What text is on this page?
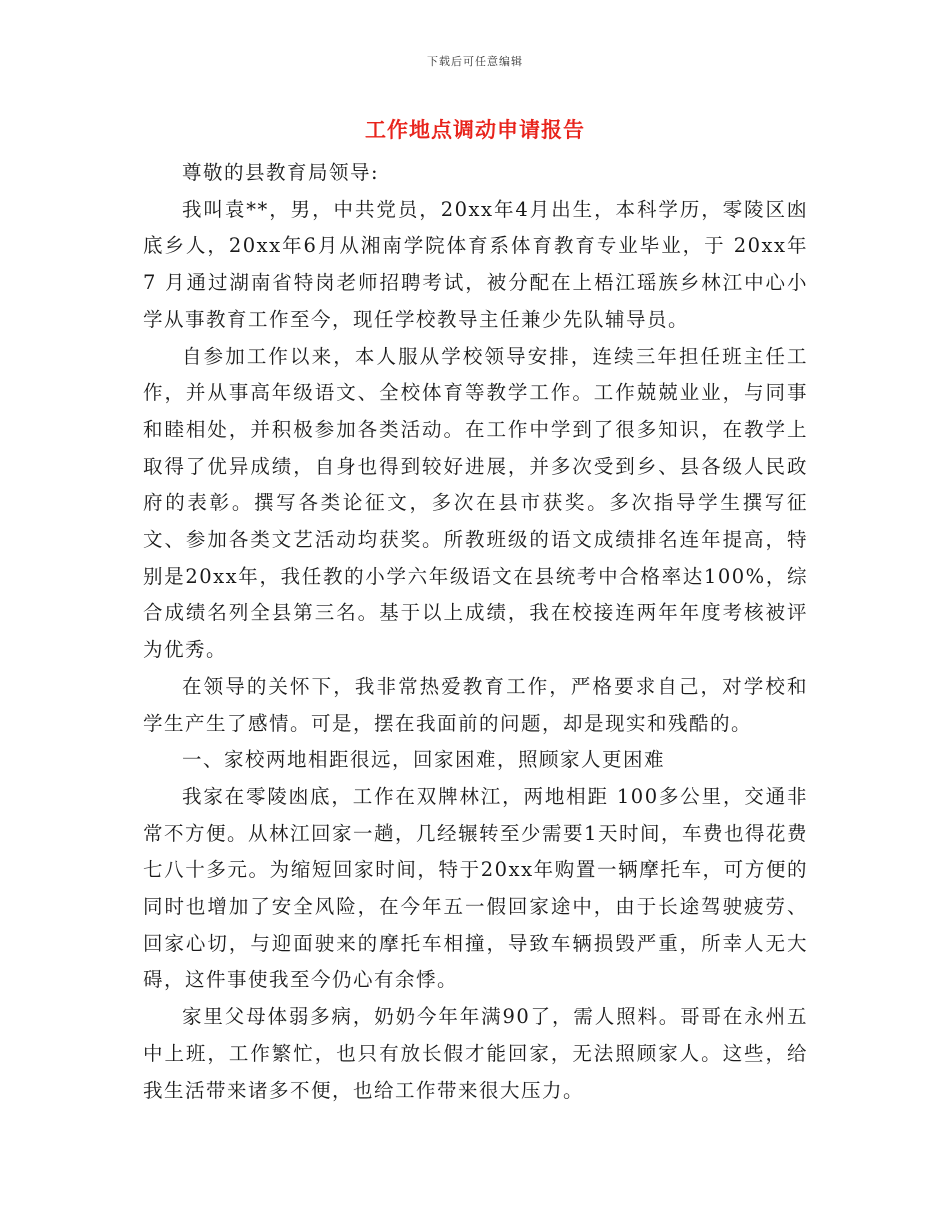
下载后可任意编辑
工作地点调动申请报告

尊敬的县教育局领导:

我叫袁**，男，中共党员，20xx年4月出生，本科学历，零陵区凼底乡人，20xx年6月从湘南学院体育系体育教育专业毕业，于 20xx年 7 月通过湖南省特岗老师招聘考试，被分配在上梧江瑶族乡林江中心小学从事教育工作至今，现任学校教导主任兼少先队辅导员。

自参加工作以来，本人服从学校领导安排，连续三年担任班主任工作，并从事高年级语文、全校体育等教学工作。工作兢兢业业，与同事和睦相处，并积极参加各类活动。在工作中学到了很多知识，在教学上取得了优异成绩，自身也得到较好进展，并多次受到乡、县各级人民政府的表彰。撰写各类论征文，多次在县市获奖。多次指导学生撰写征文、参加各类文艺活动均获奖。所教班级的语文成绩排名连年提高，特别是20xx年，我任教的小学六年级语文在县统考中合格率达100%，综合成绩名列全县第三名。基于以上成绩，我在校接连两年年度考核被评为优秀。

在领导的关怀下，我非常热爱教育工作，严格要求自己，对学校和学生产生了感情。可是，摆在我面前的问题，却是现实和残酷的。

一、家校两地相距很远，回家困难，照顾家人更困难

我家在零陵凼底，工作在双牌林江，两地相距 100多公里，交通非常不方便。从林江回家一趟，几经辗转至少需要1天时间，车费也得花费七八十多元。为缩短回家时间，特于20xx年购置一辆摩托车，可方便的同时也增加了安全风险，在今年五一假回家途中，由于长途驾驶疲劳、回家心切，与迎面驶来的摩托车相撞，导致车辆损毁严重，所幸人无大碍，这件事使我至今仍心有余悸。

家里父母体弱多病，奶奶今年年满90了，需人照料。哥哥在永州五中上班，工作繁忙，也只有放长假才能回家，无法照顾家人。这些，给我生活带来诸多不便，也给工作带来很大压力。
